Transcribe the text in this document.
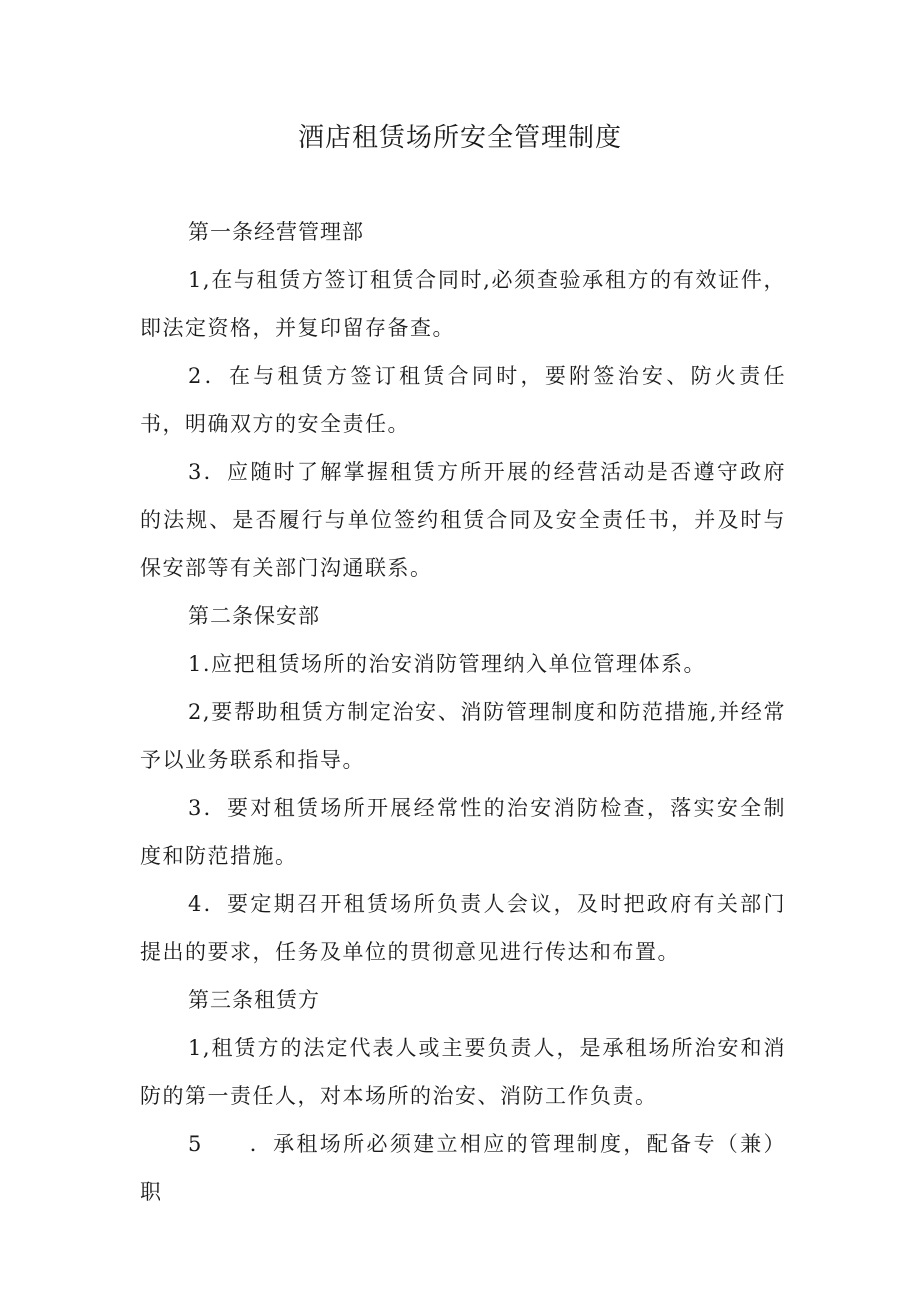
酒店租赁场所安全管理制度

第一条经营管理部

1,在与租赁方签订租赁合同时,必须查验承租方的有效证件，即法定资格，并复印留存备查。

2．在与租赁方签订租赁合同时，要附签治安、防火责任书，明确双方的安全责任。

3．应随时了解掌握租赁方所开展的经营活动是否遵守政府的法规、是否履行与单位签约租赁合同及安全责任书，并及时与保安部等有关部门沟通联系。

第二条保安部

1.应把租赁场所的治安消防管理纳入单位管理体系。

2,要帮助租赁方制定治安、消防管理制度和防范措施,并经常予以业务联系和指导。

3．要对租赁场所开展经常性的治安消防检查，落实安全制度和防范措施。

4．要定期召开租赁场所负责人会议，及时把政府有关部门提出的要求，任务及单位的贯彻意见进行传达和布置。

第三条租赁方

1,租赁方的法定代表人或主要负责人，是承租场所治安和消防的第一责任人，对本场所的治安、消防工作负责。

5 ．承租场所必须建立相应的管理制度，配备专（兼）职
